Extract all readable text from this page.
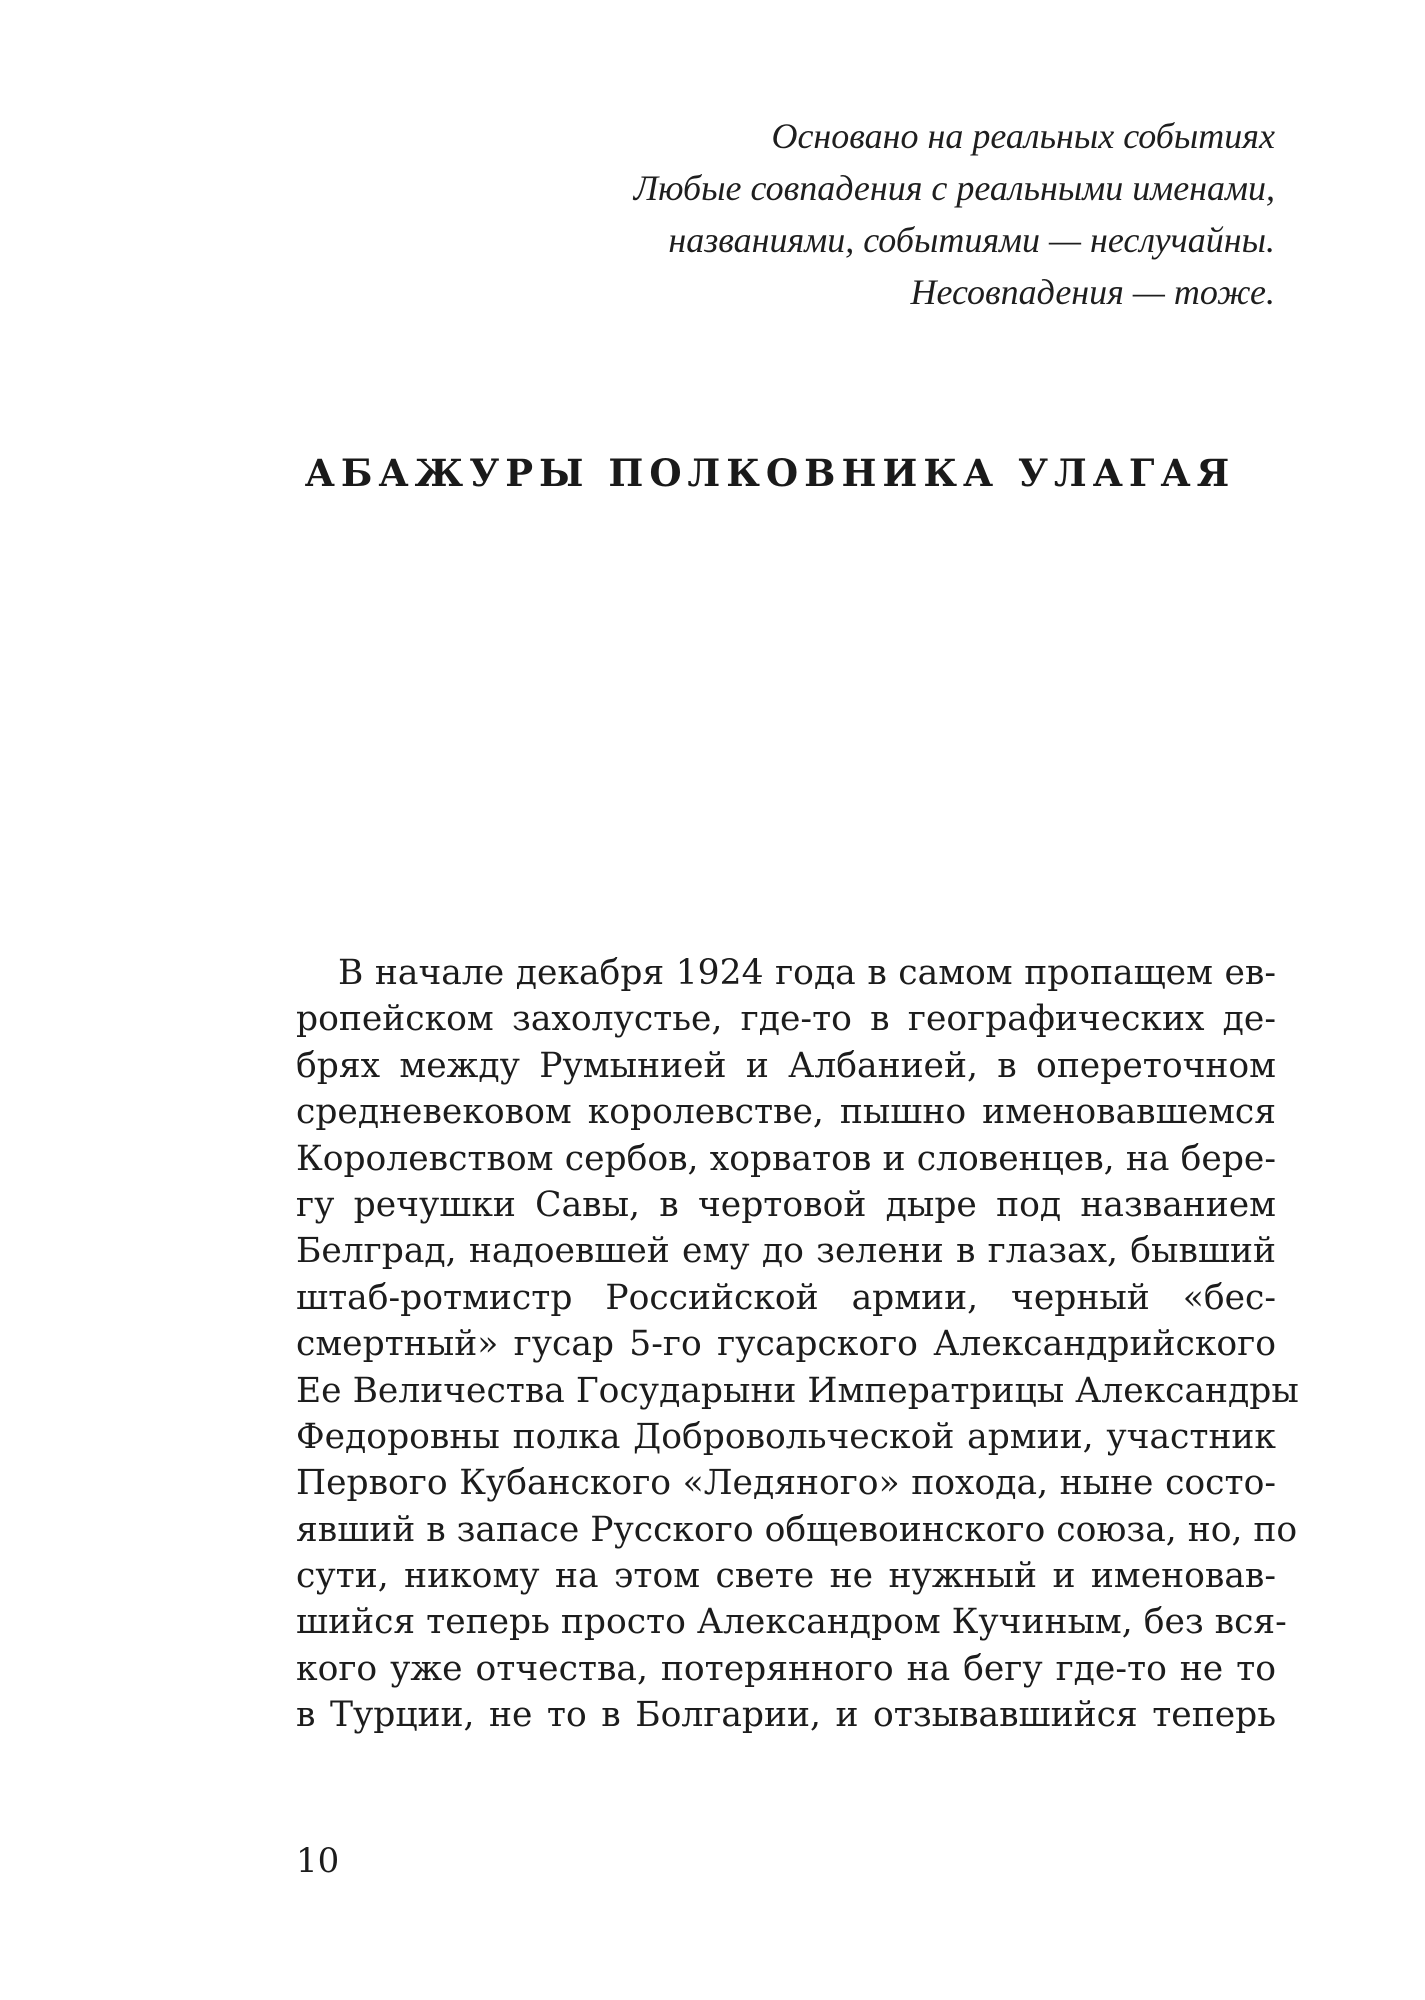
Основано на реальных событиях
Любые совпадения с реальными именами,
названиями, событиями — неслучайны.
Несовпадения — тоже.
АБАЖУРЫ ПОЛКОВНИКА УЛАГАЯ
В начале декабря 1924 года в самом пропащем ев-
ропейском захолустье, где-то в географических де-
брях между Румынией и Албанией, в опереточном
средневековом королевстве, пышно именовавшемся
Королевством сербов, хорватов и словенцев, на бере-
гу речушки Савы, в чертовой дыре под названием
Белград, надоевшей ему до зелени в глазах, бывший
штаб-ротмистр Российской армии, черный «бес-
смертный» гусар 5-го гусарского Александрийского
Ее Величества Государыни Императрицы Александры
Федоровны полка Добровольческой армии, участник
Первого Кубанского «Ледяного» похода, ныне состо-
явший в запасе Русского общевоинского союза, но, по
сути, никому на этом свете не нужный и именовав-
шийся теперь просто Александром Кучиным, без вся-
кого уже отчества, потерянного на бегу где-то не то
в Турции, не то в Болгарии, и отзывавшийся теперь
10
